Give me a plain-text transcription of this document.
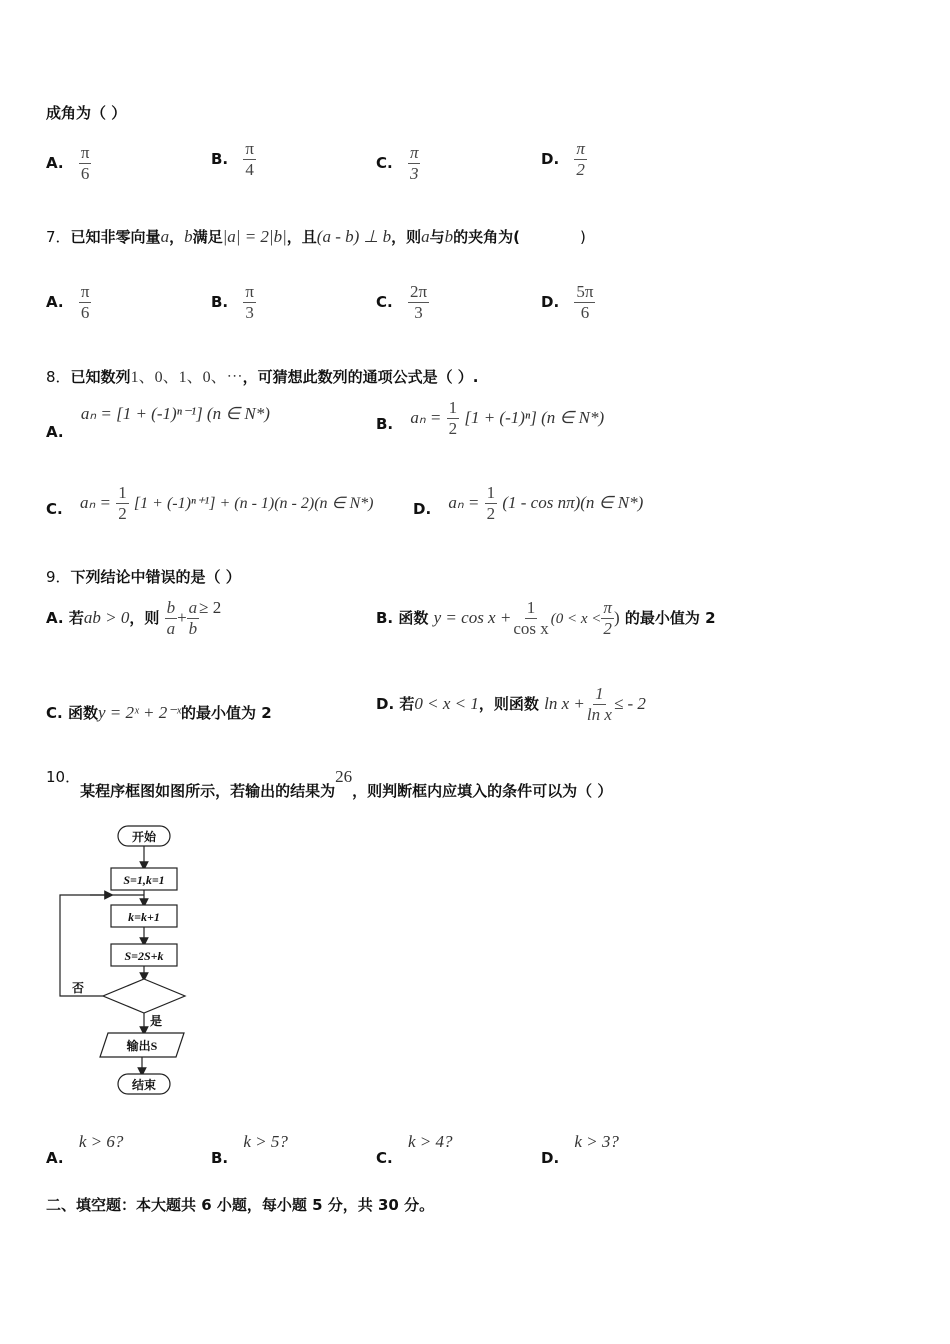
成角为（ ）
A. $\frac{\pi}{6}$	B. $\frac{\pi}{4}$	C. $\frac{\pi}{3}$	D. $\frac{\pi}{2}$
7．已知非零向量a，b满足|a| = 2|b|，且(a - b) ⊥ b，则a与b的夹角为(	)
A. $\frac{\pi}{6}$	B. $\frac{\pi}{3}$	C. $\frac{2\pi}{3}$	D. $\frac{5\pi}{6}$
8．已知数列1、0、1、0、⋯，可猜想此数列的通项公式是（ ）.
A. aₙ = [1 + (-1)ⁿ⁻¹] (n ∈ N*)
B. $a_n = \frac{1}{2} [1 + (-1)^n]$ (n ∈ N*)
C. $a_n = \frac{1}{2} [1 + (-1)^{n+1}] + (n - 1)(n - 2)(n$ ∈ N*)	D. $a_n = \frac{1}{2} (1 - \cos n\pi)(n$ ∈ N*)
9．下列结论中错误的是（ ）
A. 若ab > 0，则 $\frac{b}{a} + \frac{a}{b} \ge 2$
B. 函数 $y = \cos x + \frac{1}{\text{cos x}} (0 < x < \frac{\pi}{2}$ ) 的最小值为 2
C. 函数y = 2ˣ + 2⁻ˣ的最小值为 2	D. 若0 < x < 1，则函数 $\ln x + \frac{1}{\text{ln x}}$ ≤ - 2
10．某程序框图如图所示，若输出的结果为26，则判断框内应填入的条件可以为（ ）
开始
S=1,k=1
k=k+1
S=2S+k
否
是
输出S
结束
A. k > 6?
B. k > 5?
C. k > 4?
D. k > 3?
二、填空题：本大题共 6 小题，每小题 5 分，共 30 分。
